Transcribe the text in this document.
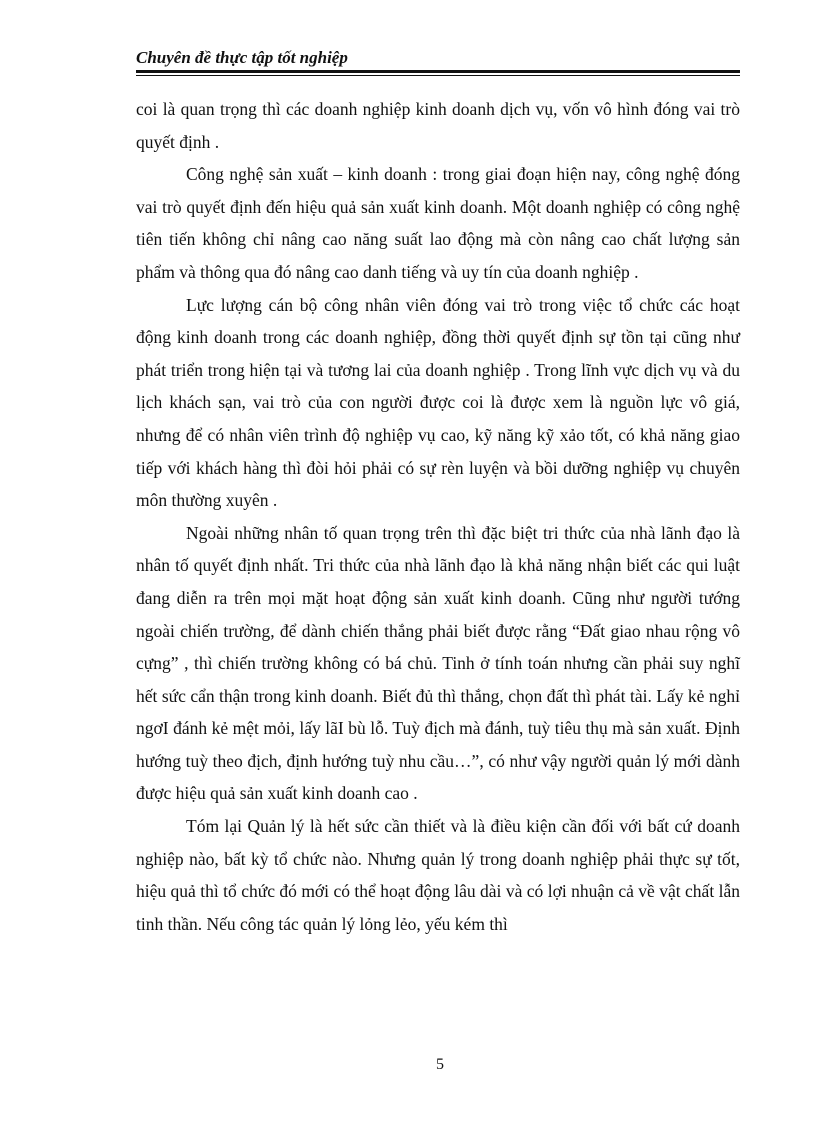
Chuyên đề thực tập tốt nghiệp

coi là quan trọng thì các doanh nghiệp kinh doanh dịch vụ, vốn vô hình đóng vai trò quyết định .

Công nghệ sản xuất – kinh doanh : trong giai đoạn hiện nay, công nghệ đóng vai trò quyết định đến hiệu quả sản xuất kinh doanh. Một doanh nghiệp có công nghệ tiên tiến không chỉ nâng cao năng suất lao động mà còn nâng cao chất lượng sản phẩm và thông qua đó nâng cao danh tiếng và uy tín của doanh nghiệp .

Lực lượng cán bộ công nhân viên đóng vai trò trong việc tổ chức các hoạt động kinh doanh trong các doanh nghiệp, đồng thời quyết định sự tồn tại cũng như phát triển trong hiện tại và tương lai của doanh nghiệp . Trong lĩnh vực dịch vụ và du lịch khách sạn, vai trò của con người được coi là được xem là nguồn lực vô giá, nhưng để có nhân viên trình độ nghiệp vụ cao, kỹ năng kỹ xảo tốt, có khả năng giao tiếp với khách hàng thì đòi hỏi phải có sự rèn luyện và bồi dưỡng nghiệp vụ chuyên môn thường xuyên .

Ngoài những nhân tố quan trọng trên thì đặc biệt tri thức của nhà lãnh đạo là nhân tố quyết định nhất. Tri thức của nhà lãnh đạo là khả năng nhận biết các qui luật đang diễn ra trên mọi mặt hoạt động sản xuất kinh doanh. Cũng như người tướng ngoài chiến trường, để dành chiến thắng phải biết được rằng “Đất giao nhau rộng vô cựng” , thì chiến trường không có bá chủ. Tinh ở tính toán nhưng cần phải suy nghĩ hết sức cẩn thận trong kinh doanh. Biết đủ thì thắng, chọn đất thì phát tài. Lấy kẻ nghỉ ngơI đánh kẻ mệt mỏi, lấy lãI bù lỗ. Tuỳ địch mà đánh, tuỳ tiêu thụ mà sản xuất. Định hướng tuỳ theo địch, định hướng tuỳ nhu cầu…”, có như vậy người quản lý mới dành được hiệu quả sản xuất kinh doanh cao .

Tóm lại Quản lý là hết sức cần thiết và là điều kiện cần đối với bất cứ doanh nghiệp nào, bất kỳ tổ chức nào. Nhưng quản lý trong doanh nghiệp phải thực sự tốt, hiệu quả thì tổ chức đó mới có thể hoạt động lâu dài và có lợi nhuận cả về vật chất lẫn tinh thần. Nếu công tác quản lý lỏng lẻo, yếu kém thì

5
